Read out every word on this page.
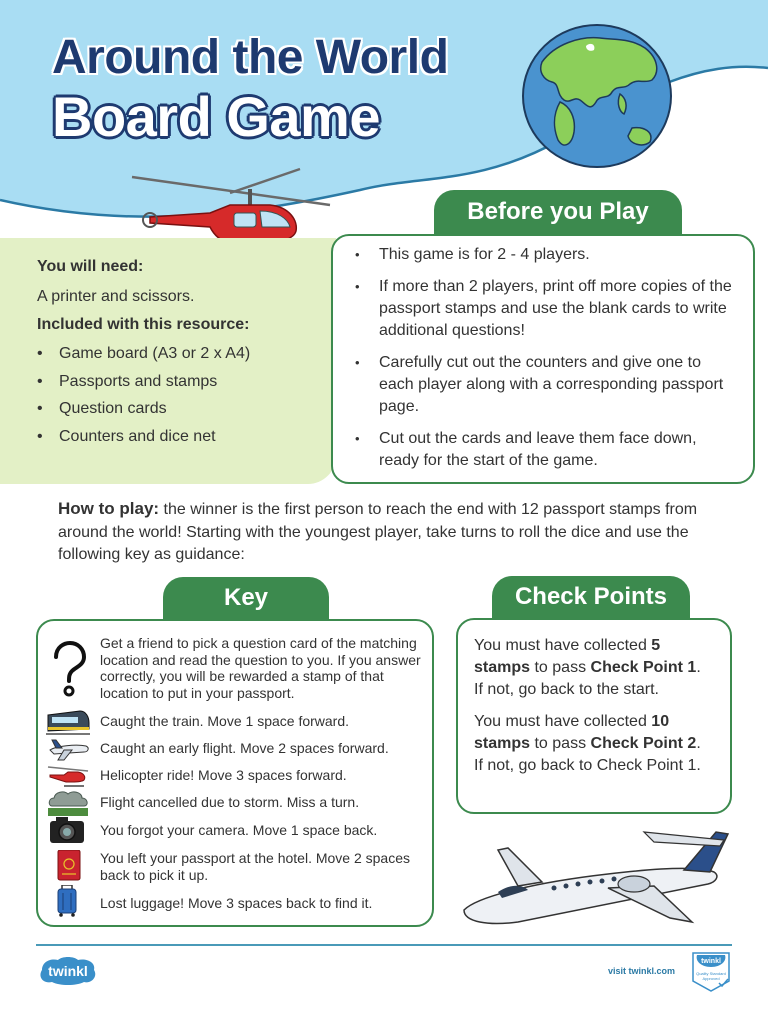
Around the World
Board Game
You will need:
A printer and scissors.
Included with this resource:
• Game board (A3 or 2 x A4)
• Passports and stamps
• Question cards
• Counters and dice net
Before you Play
• This game is for 2 - 4 players.
• If more than 2 players, print off more copies of the passport stamps and use the blank cards to write additional questions!
• Carefully cut out the counters and give one to each player along with a corresponding passport page.
• Cut out the cards and leave them face down, ready for the start of the game.
How to play: the winner is the first person to reach the end with 12 passport stamps from around the world! Starting with the youngest player, take turns to roll the dice and use the following key as guidance:
Key
Get a friend to pick a question card of the matching location and read the question to you. If you answer correctly, you will be rewarded a stamp of that location to put in your passport.
Caught the train. Move 1 space forward.
Caught an early flight. Move 2 spaces forward.
Helicopter ride! Move 3 spaces forward.
Flight cancelled due to storm. Miss a turn.
You forgot your camera. Move 1 space back.
You left your passport at the hotel. Move 2 spaces back to pick it up.
Lost luggage! Move 3 spaces back to find it.
Check Points

You must have collected 5 stamps to pass Check Point 1. If not, go back to the start.

You must have collected 10 stamps to pass Check Point 2. If not, go back to Check Point 1.

twinkl	visit twinkl.com
twinkl
Quality Standard
Approved
